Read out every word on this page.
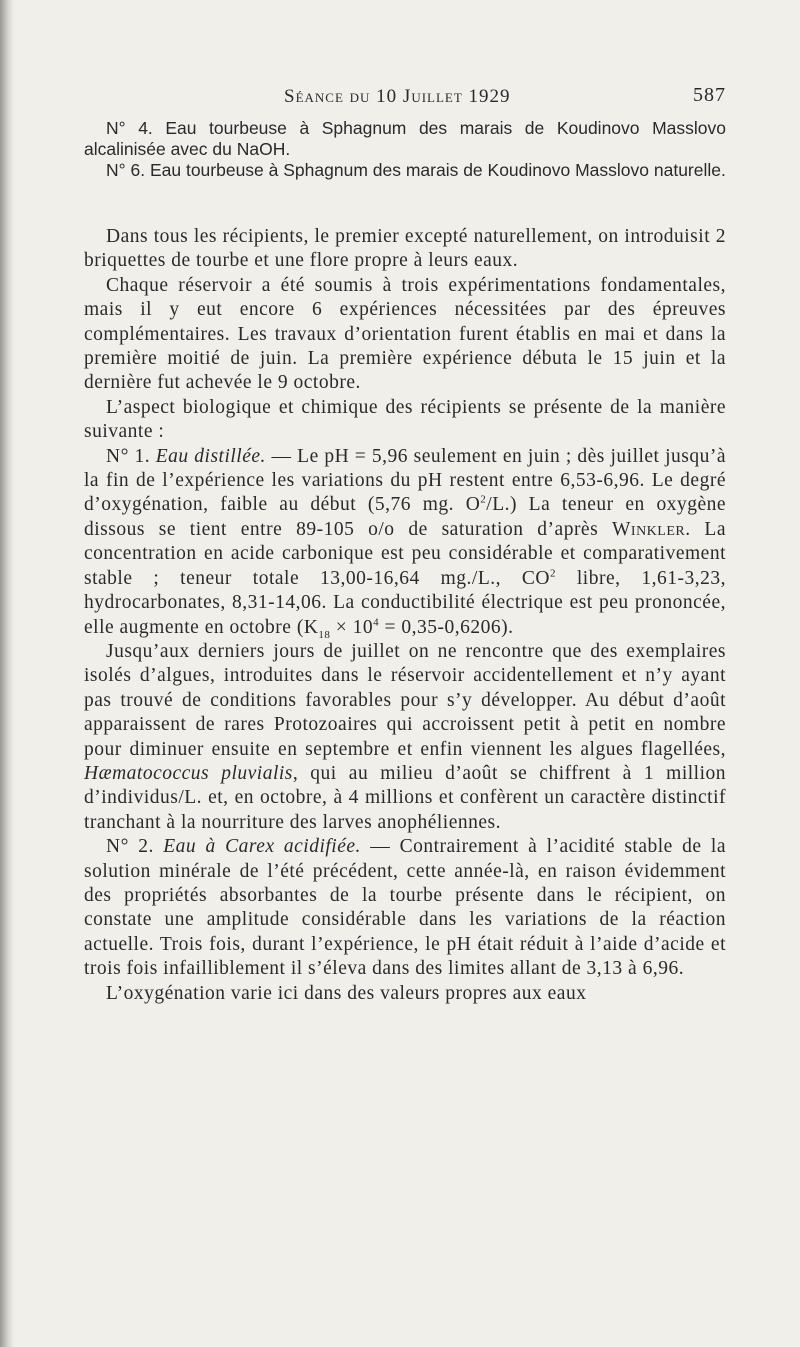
Séance du 10 Juillet 1929	587

N° 4. Eau tourbeuse à Sphagnum des marais de Koudinovo Masslovo alcalinisée avec du NaOH.

N° 6. Eau tourbeuse à Sphagnum des marais de Koudinovo Masslovo naturelle.

Dans tous les récipients, le premier excepté naturellement, on introduisit 2 briquettes de tourbe et une flore propre à leurs eaux.

Chaque réservoir a été soumis à trois expérimentations fondamentales, mais il y eut encore 6 expériences nécessitées par des épreuves complémentaires. Les travaux d’orientation furent établis en mai et dans la première moitié de juin. La première expérience débuta le 15 juin et la dernière fut achevée le 9 octobre.

L’aspect biologique et chimique des récipients se présente de la manière suivante :

N° 1. Eau distillée. — Le pH = 5,96 seulement en juin ; dès juillet jusqu’à la fin de l’expérience les variations du pH restent entre 6,53-6,96. Le degré d’oxygénation, faible au début (5,76 mg. $O^2/L$.) La teneur en oxygène dissous se tient entre 89-105 o/o de saturation d’après Winkler. La concentration en acide carbonique est peu considérable et comparativement stable ; teneur totale 13,00-16,64 mg./L., $CO^2$ libre, 1,61-3,23, hydrocarbonates, 8,31-14,06. La conductibilité électrique est peu prononcée, elle augmente en octobre $(K_{18} \times 10^4 = 0,35-0,6206)$.

Jusqu’aux derniers jours de juillet on ne rencontre que des exemplaires isolés d’algues, introduites dans le réservoir accidentellement et n’y ayant pas trouvé de conditions favorables pour s’y développer. Au début d’août apparaissent de rares Protozoaires qui accroissent petit à petit en nombre pour diminuer ensuite en septembre et enfin viennent les algues flagellées, Hæmatococcus pluvialis, qui au milieu d’août se chiffrent à 1 million d’individus/L. et, en octobre, à 4 millions et confèrent un caractère distinctif tranchant à la nourriture des larves anophéliennes.

N° 2. Eau à Carex acidifiée. — Contrairement à l’acidité stable de la solution minérale de l’été précédent, cette année-là, en raison évidemment des propriétés absorbantes de la tourbe présente dans le récipient, on constate une amplitude considérable dans les variations de la réaction actuelle. Trois fois, durant l’expérience, le pH était réduit à l’aide d’acide et trois fois infailliblement il s’éleva dans des limites allant de 3,13 à 6,96.

L’oxygénation varie ici dans des valeurs propres aux eaux
